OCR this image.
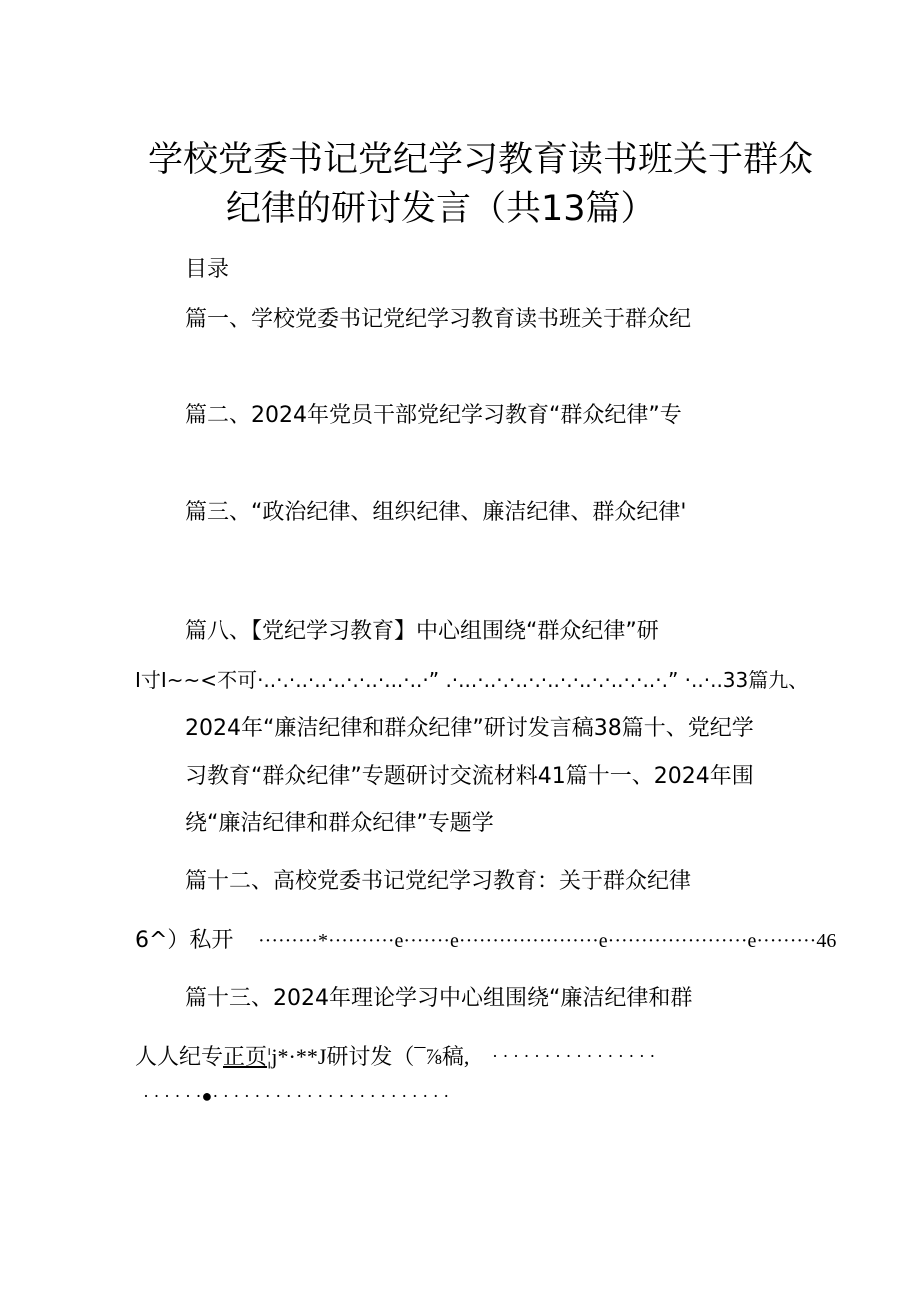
学校党委书记党纪学习教育读书班关于群众
纪律的研讨发言（共13篇）
目录
篇一、学校党委书记党纪学习教育读书班关于群众纪
篇二、2024年党员干部党纪学习教育“群众纪律”专
篇三、“政治纪律、组织纪律、廉洁纪律、群众纪律'
篇八、【党纪学习教育】中心组围绕“群众纪律”研
I寸I~~<不可·..·.·..·..·..·.·..·...·..·” .·...·..·.·..·.·..·.·..·.·..·.·..·.” ·..·..33篇九、
2024年“廉洁纪律和群众纪律”研讨发言稿38篇十、党纪学
习教育“群众纪律”专题研讨交流材料41篇十一、2024年围
绕“廉洁纪律和群众纪律”专题学
篇十二、高校党委书记党纪学习教育：关于群众纪律
6^）私开 ·········*··········e·······e·····················e·····················e·········46
篇十三、2024年理论学习中心组围绕“廉洁纪律和群
人人纪专正页¦j*·**J研讨发（¯⅞稿, · · · · · · · · · · · · · · · ·
· · · · · ·●· · · · · · · · · · · · · · · · · · · · · · ·
